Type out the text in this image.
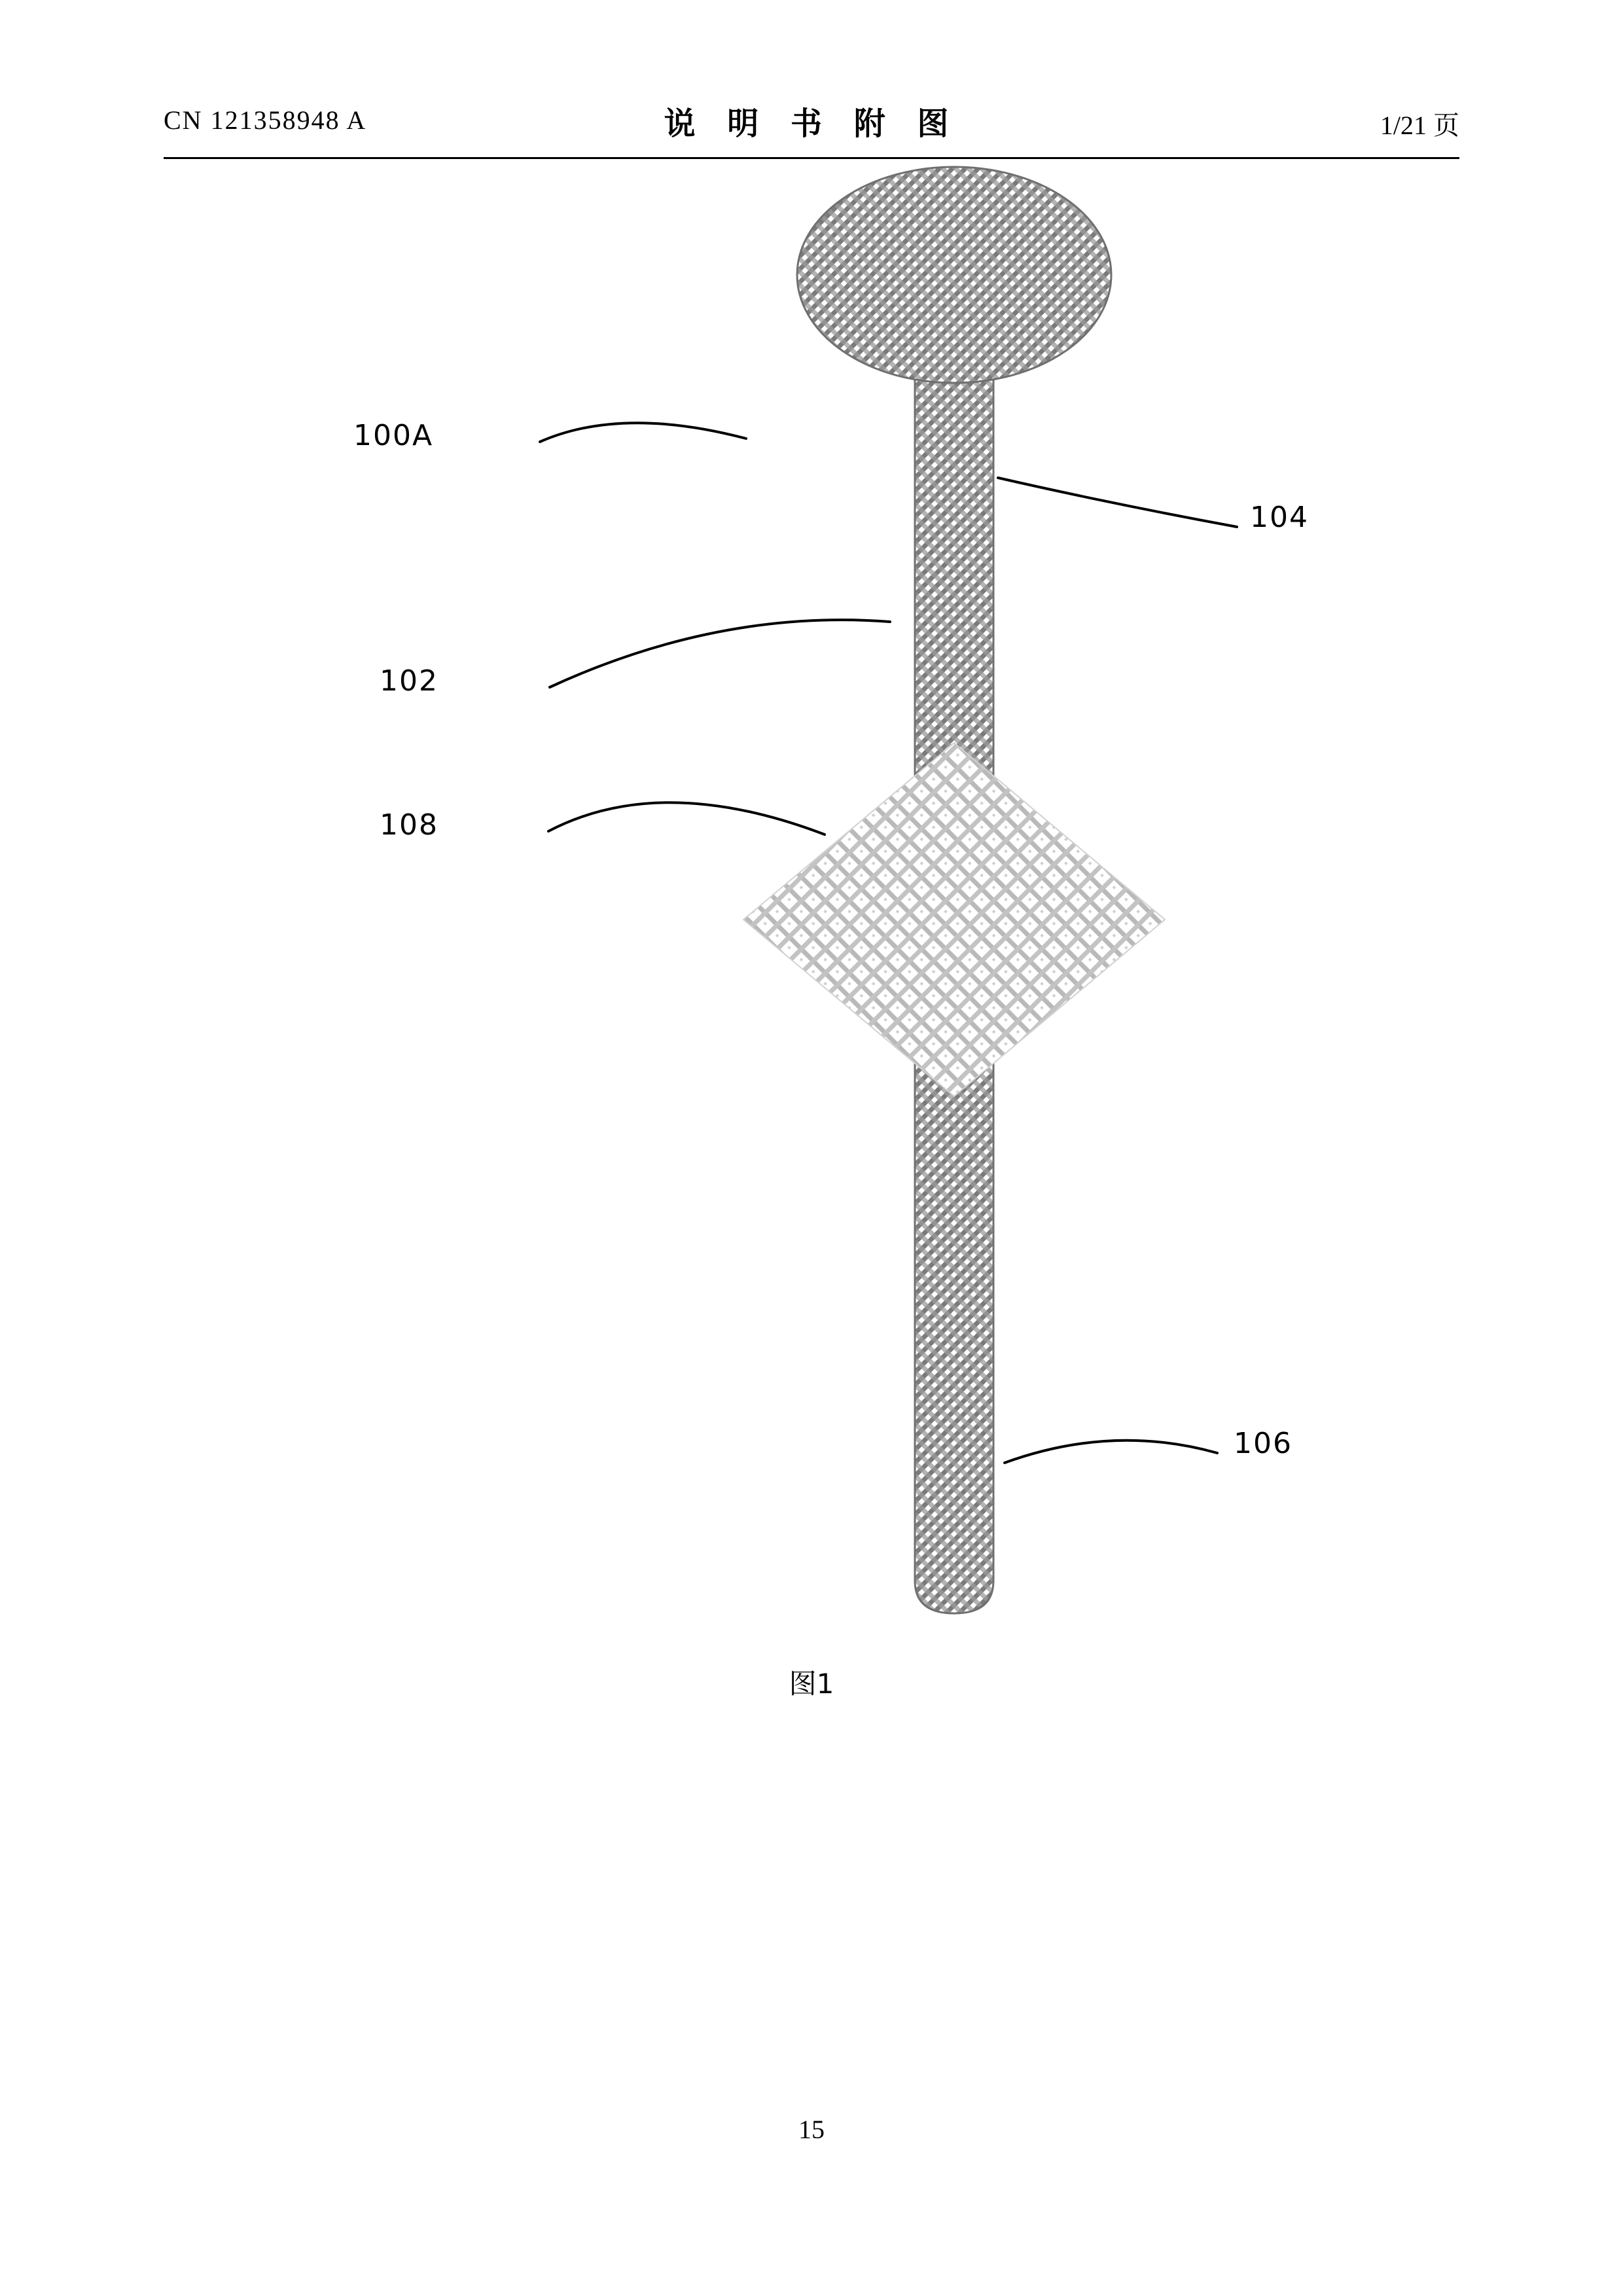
CN 121358948 A	说 明 书 附 图	1/21 页
100A
104
102
108
106
图1
15
